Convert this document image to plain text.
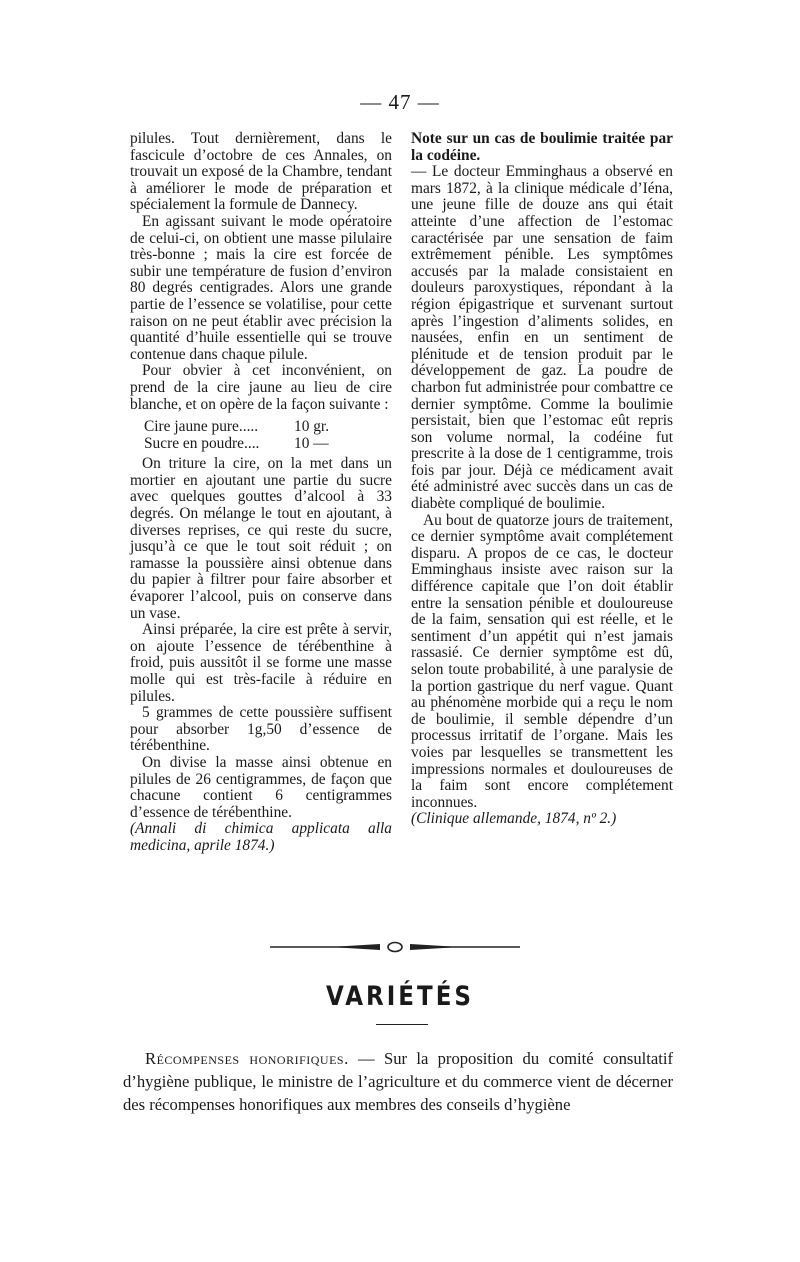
— 47 —

pilules. Tout dernièrement, dans le fascicule d’octobre de ces Annales, on trouvait un exposé de la Chambre, tendant à améliorer le mode de préparation et spécialement la formule de Dannecy.

En agissant suivant le mode opératoire de celui-ci, on obtient une masse pilulaire très-bonne ; mais la cire est forcée de subir une température de fusion d’environ 80 degrés centigrades. Alors une grande partie de l’essence se volatilise, pour cette raison on ne peut établir avec précision la quantité d’huile essentielle qui se trouve contenue dans chaque pilule.

Pour obvier à cet inconvénient, on prend de la cire jaune au lieu de cire blanche, et on opère de la façon suivante :

Cire jaune pure.....	10 gr.
Sucre en poudre....	10 —

On triture la cire, on la met dans un mortier en ajoutant une partie du sucre avec quelques gouttes d’alcool à 33 degrés. On mélange le tout en ajoutant, à diverses reprises, ce qui reste du sucre, jusqu’à ce que le tout soit réduit ; on ramasse la poussière ainsi obtenue dans du papier à filtrer pour faire absorber et évaporer l’alcool, puis on conserve dans un vase.

Ainsi préparée, la cire est prête à servir, on ajoute l’essence de térébenthine à froid, puis aussitôt il se forme une masse molle qui est très-facile à réduire en pilules.

5 grammes de cette poussière suffisent pour absorber 1g,50 d’essence de térébenthine.

On divise la masse ainsi obtenue en pilules de 26 centigrammes, de façon que chacune contient 6 centigrammes d’essence de térébenthine.

(Annali di chimica applicata alla medicina, aprile 1874.)

Note sur un cas de boulimie traitée par la codéine.

— Le docteur Emminghaus a observé en mars 1872, à la clinique médicale d’Iéna, une jeune fille de douze ans qui était atteinte d’une affection de l’estomac caractérisée par une sensation de faim extrêmement pénible. Les symptômes accusés par la malade consistaient en douleurs paroxystiques, répondant à la région épigastrique et survenant surtout après l’ingestion d’aliments solides, en nausées, enfin en un sentiment de plénitude et de tension produit par le développement de gaz. La poudre de charbon fut administrée pour combattre ce dernier symptôme. Comme la boulimie persistait, bien que l’estomac eût repris son volume normal, la codéine fut prescrite à la dose de 1 centigramme, trois fois par jour. Déjà ce médicament avait été administré avec succès dans un cas de diabète compliqué de boulimie.

Au bout de quatorze jours de traitement, ce dernier symptôme avait complétement disparu. A propos de ce cas, le docteur Emminghaus insiste avec raison sur la différence capitale que l’on doit établir entre la sensation pénible et douloureuse de la faim, sensation qui est réelle, et le sentiment d’un appétit qui n’est jamais rassasié. Ce dernier symptôme est dû, selon toute probabilité, à une paralysie de la portion gastrique du nerf vague. Quant au phénomène morbide qui a reçu le nom de boulimie, il semble dépendre d’un processus irritatif de l’organe. Mais les voies par lesquelles se transmettent les impressions normales et douloureuses de la faim sont encore complétement inconnues.

(Clinique allemande, 1874, nº 2.)

VARIÉTÉS

Récompenses honorifiques. — Sur la proposition du comité consultatif d’hygiène publique, le ministre de l’agriculture et du commerce vient de décerner des récompenses honorifiques aux membres des conseils d’hygiène
